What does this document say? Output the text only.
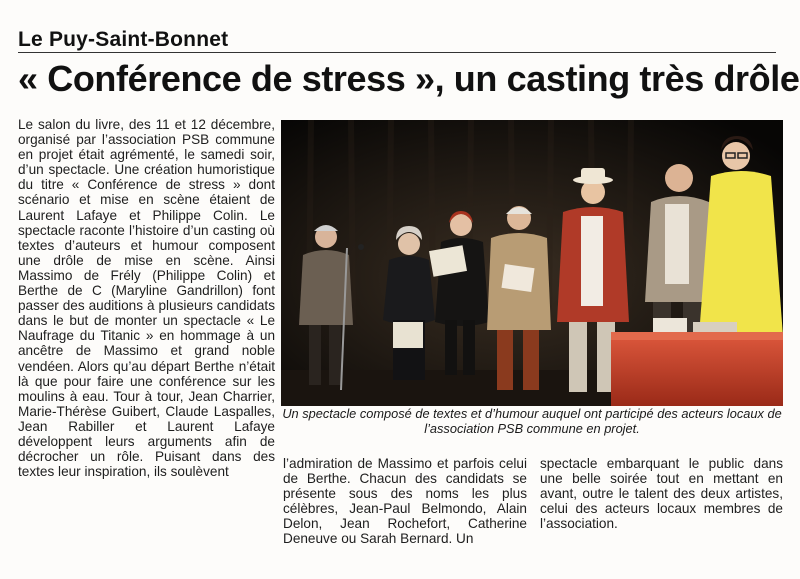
Le Puy-Saint-Bonnet
« Conférence de stress », un casting très drôle

Le salon du livre, des 11 et 12 décembre, organisé par l’association PSB commune en projet était agrémenté, le samedi soir, d’un spectacle. Une création humoristique du titre « Conférence de stress » dont scénario et mise en scène étaient de Laurent Lafaye et Philippe Colin. Le spectacle raconte l’histoire d’un casting où textes d’auteurs et humour composent une drôle de mise en scène. Ainsi Massimo de Frély (Philippe Colin) et Berthe de C (Maryline Gandrillon) font passer des auditions à plusieurs candidats dans le but de monter un spectacle « Le Naufrage du Titanic » en hommage à un ancêtre de Massimo et grand noble vendéen. Alors qu’au départ Berthe n’était là que pour faire une conférence sur les moulins à eau. Tour à tour, Jean Charrier, Marie-Thérèse Guibert, Claude Laspalles, Jean Rabiller et Laurent Lafaye développent leurs arguments afin de décrocher un rôle. Puisant dans des textes leur inspiration, ils soulèvent

Un spectacle composé de textes et d’humour auquel ont participé des acteurs locaux de l’association PSB commune en projet.

l’admiration de Massimo et parfois celui de Berthe. Chacun des candidats se présente sous des noms les plus célèbres, Jean-Paul Belmondo, Alain Delon, Jean Rochefort, Catherine Deneuve ou Sarah Bernard. Un

spectacle embarquant le public dans une belle soirée tout en mettant en avant, outre le talent des deux artistes, celui des acteurs locaux membres de l’association.
